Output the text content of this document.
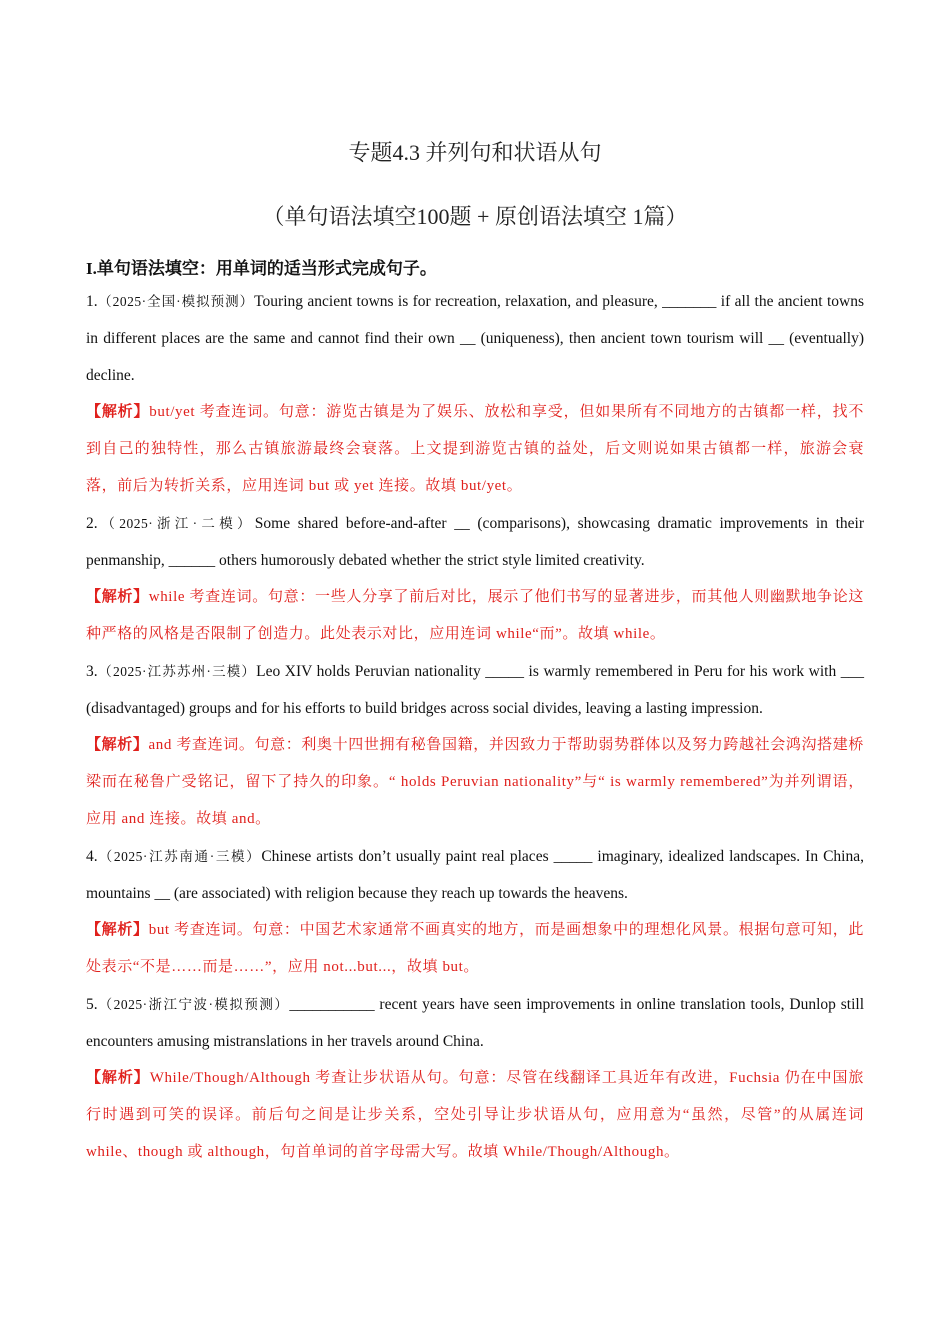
专题4.3 并列句和状语从句
（单句语法填空100题 + 原创语法填空 1篇）
I.单句语法填空：用单词的适当形式完成句子。

1.（2025·全国·模拟预测）Touring ancient towns is for recreation, relaxation, and pleasure, _______ if all the ancient towns in different places are the same and cannot find their own __ (uniqueness), then ancient town tourism will __ (eventually) decline.

【解析】but/yet 考查连词。句意：游览古镇是为了娱乐、放松和享受，但如果所有不同地方的古镇都一样，找不到自己的独特性，那么古镇旅游最终会衰落。上文提到游览古镇的益处，后文则说如果古镇都一样，旅游会衰落，前后为转折关系，应用连词 but 或 yet 连接。故填 but/yet。

2.（2025·浙江·二模）Some shared before-and-after __ (comparisons), showcasing dramatic improvements in their penmanship, ______ others humorously debated whether the strict style limited creativity.

【解析】while 考查连词。句意：一些人分享了前后对比，展示了他们书写的显著进步，而其他人则幽默地争论这种严格的风格是否限制了创造力。此处表示对比，应用连词 while“而”。故填 while。

3.（2025·江苏苏州·三模）Leo XIV holds Peruvian nationality _____ is warmly remembered in Peru for his work with ___ (disadvantaged) groups and for his efforts to build bridges across social divides, leaving a lasting impression.

【解析】and 考查连词。句意：利奥十四世拥有秘鲁国籍，并因致力于帮助弱势群体以及努力跨越社会鸿沟搭建桥梁而在秘鲁广受铭记，留下了持久的印象。“ holds Peruvian nationality”与“ is warmly remembered”为并列谓语，应用 and 连接。故填 and。

4.（2025·江苏南通·三模）Chinese artists don’t usually paint real places _____ imaginary, idealized landscapes. In China, mountains __ (are associated) with religion because they reach up towards the heavens.

【解析】but 考查连词。句意：中国艺术家通常不画真实的地方，而是画想象中的理想化风景。根据句意可知，此处表示“不是……而是……”，应用 not...but...，故填 but。

5.（2025·浙江宁波·模拟预测）___________ recent years have seen improvements in online translation tools, Dunlop still encounters amusing mistranslations in her travels around China.

【解析】While/Though/Although 考查让步状语从句。句意：尽管在线翻译工具近年有改进，Fuchsia 仍在中国旅行时遇到可笑的误译。前后句之间是让步关系，空处引导让步状语从句，应用意为“虽然，尽管”的从属连词 while、though 或 although，句首单词的首字母需大写。故填 While/Though/Although。
